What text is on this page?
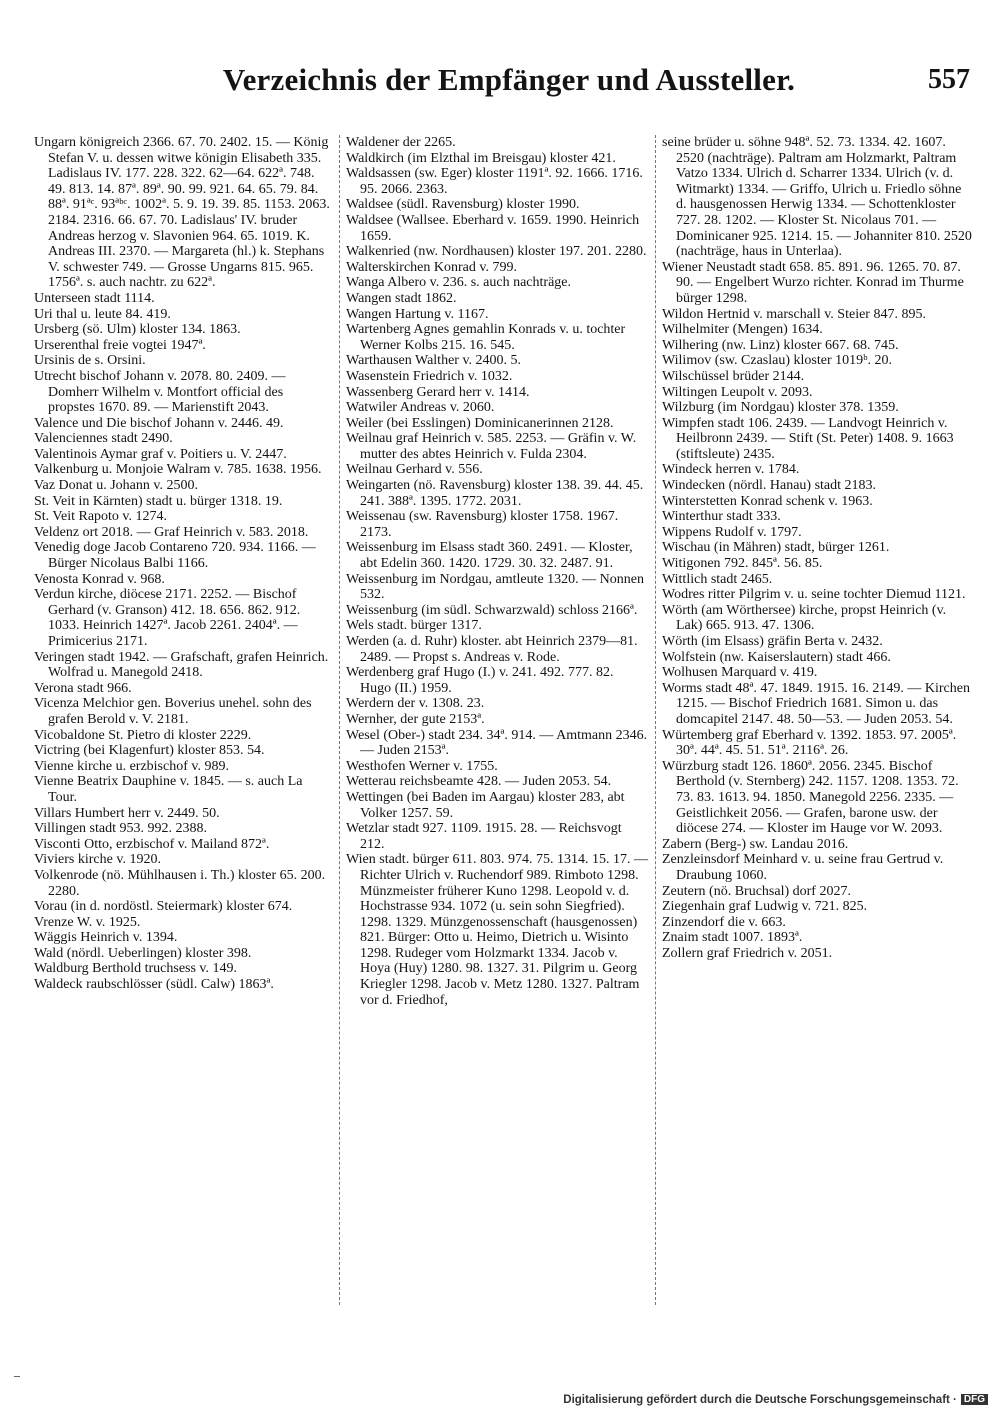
Verzeichnis der Empfänger und Aussteller.	557

Ungarn königreich 2366. 67. 70. 2402. 15. — König Stefan V. u. dessen witwe königin Elisabeth 335. Ladislaus IV. 177. 228. 322. 62—64. 622ª. 748. 49. 813. 14. 87ª. 89ª. 90. 99. 921. 64. 65. 79. 84. 88ª. 91ªᶜ. 93ªᵇᶜ. 1002ª. 5. 9. 19. 39. 85. 1153. 2063. 2184. 2316. 66. 67. 70. Ladislaus' IV. bruder Andreas herzog v. Slavonien 964. 65. 1019. K. Andreas III. 2370. — Margareta (hl.) k. Stephans V. schwester 749. — Grosse Ungarns 815. 965. 1756ª. s. auch nachtr. zu 622ª.

Unterseen stadt 1114.

Uri thal u. leute 84. 419.

Ursberg (sö. Ulm) kloster 134. 1863.

Urserenthal freie vogtei 1947ª.

Ursinis de s. Orsini.

Utrecht bischof Johann v. 2078. 80. 2409. — Domherr Wilhelm v. Montfort official des propstes 1670. 89. — Marienstift 2043.

Valence und Die bischof Johann v. 2446. 49.

Valenciennes stadt 2490.

Valentinois Aymar graf v. Poitiers u. V. 2447.

Valkenburg u. Monjoie Walram v. 785. 1638. 1956.

Vaz Donat u. Johann v. 2500.

St. Veit in Kärnten) stadt u. bürger 1318. 19.

St. Veit Rapoto v. 1274.

Veldenz ort 2018. — Graf Heinrich v. 583. 2018.

Venedig doge Jacob Contareno 720. 934. 1166. — Bürger Nicolaus Balbi 1166.

Venosta Konrad v. 968.

Verdun kirche, diöcese 2171. 2252. — Bischof Gerhard (v. Granson) 412. 18. 656. 862. 912. 1033. Heinrich 1427ª. Jacob 2261. 2404ª. — Primicerius 2171.

Veringen stadt 1942. — Grafschaft, grafen Heinrich. Wolfrad u. Manegold 2418.

Verona stadt 966.

Vicenza Melchior gen. Boverius unehel. sohn des grafen Berold v. V. 2181.

Vicobaldone St. Pietro di kloster 2229.

Victring (bei Klagenfurt) kloster 853. 54.

Vienne kirche u. erzbischof v. 989.

Vienne Beatrix Dauphine v. 1845. — s. auch La Tour.

Villars Humbert herr v. 2449. 50.

Villingen stadt 953. 992. 2388.

Visconti Otto, erzbischof v. Mailand 872ª.

Viviers kirche v. 1920.

Volkenrode (nö. Mühlhausen i. Th.) kloster 65. 200. 2280.

Vorau (in d. nordöstl. Steiermark) kloster 674.

Vrenze W. v. 1925.

Wäggis Heinrich v. 1394.

Wald (nördl. Ueberlingen) kloster 398.

Waldburg Berthold truchsess v. 149.

Waldeck raubschlösser (südl. Calw) 1863ª.

Waldener der 2265.

Waldkirch (im Elzthal im Breisgau) kloster 421.

Waldsassen (sw. Eger) kloster 1191ª. 92. 1666. 1716. 95. 2066. 2363.

Waldsee (südl. Ravensburg) kloster 1990.

Waldsee (Wallsee. Eberhard v. 1659. 1990. Heinrich 1659.

Walkenried (nw. Nordhausen) kloster 197. 201. 2280.

Walterskirchen Konrad v. 799.

Wanga Albero v. 236. s. auch nachträge.

Wangen stadt 1862.

Wangen Hartung v. 1167.

Wartenberg Agnes gemahlin Konrads v. u. tochter Werner Kolbs 215. 16. 545.

Warthausen Walther v. 2400. 5.

Wasenstein Friedrich v. 1032.

Wassenberg Gerard herr v. 1414.

Watwiler Andreas v. 2060.

Weiler (bei Esslingen) Dominicanerinnen 2128.

Weilnau graf Heinrich v. 585. 2253. — Gräfin v. W. mutter des abtes Heinrich v. Fulda 2304.

Weilnau Gerhard v. 556.

Weingarten (nö. Ravensburg) kloster 138. 39. 44. 45. 241. 388ª. 1395. 1772. 2031.

Weissenau (sw. Ravensburg) kloster 1758. 1967. 2173.

Weissenburg im Elsass stadt 360. 2491. — Kloster, abt Edelin 360. 1420. 1729. 30. 32. 2487. 91.

Weissenburg im Nordgau, amtleute 1320. — Nonnen 532.

Weissenburg (im südl. Schwarzwald) schloss 2166ª.

Wels stadt. bürger 1317.

Werden (a. d. Ruhr) kloster. abt Heinrich 2379—81. 2489. — Propst s. Andreas v. Rode.

Werdenberg graf Hugo (I.) v. 241. 492. 777. 82. Hugo (II.) 1959.

Werdern der v. 1308. 23.

Wernher, der gute 2153ª.

Wesel (Ober-) stadt 234. 34ª. 914. — Amtmann 2346. — Juden 2153ª.

Westhofen Werner v. 1755.

Wetterau reichsbeamte 428. — Juden 2053. 54.

Wettingen (bei Baden im Aargau) kloster 283, abt Volker 1257. 59.

Wetzlar stadt 927. 1109. 1915. 28. — Reichsvogt 212.

Wien stadt. bürger 611. 803. 974. 75. 1314. 15. 17. — Richter Ulrich v. Ruchendorf 989. Rimboto 1298. Münzmeister früherer Kuno 1298. Leopold v. d. Hochstrasse 934. 1072 (u. sein sohn Siegfried). 1298. 1329. Münzgenossenschaft (hausgenossen) 821. Bürger: Otto u. Heimo, Dietrich u. Wisinto 1298. Rudeger vom Holzmarkt 1334. Jacob v. Hoya (Huy) 1280. 98. 1327. 31. Pilgrim u. Georg Kriegler 1298. Jacob v. Metz 1280. 1327. Paltram vor d. Friedhof,

seine brüder u. söhne 948ª. 52. 73. 1334. 42. 1607. 2520 (nachträge). Paltram am Holzmarkt, Paltram Vatzo 1334. Ulrich d. Scharrer 1334. Ulrich (v. d. Witmarkt) 1334. — Griffo, Ulrich u. Friedlo söhne d. hausgenossen Herwig 1334. — Schottenkloster 727. 28. 1202. — Kloster St. Nicolaus 701. — Dominicaner 925. 1214. 15. — Johanniter 810. 2520 (nachträge, haus in Unterlaa).

Wiener Neustadt stadt 658. 85. 891. 96. 1265. 70. 87. 90. — Engelbert Wurzo richter. Konrad im Thurme bürger 1298.

Wildon Hertnid v. marschall v. Steier 847. 895.

Wilhelmiter (Mengen) 1634.

Wilhering (nw. Linz) kloster 667. 68. 745.

Wilimov (sw. Czaslau) kloster 1019ᵇ. 20.

Wilschüssel brüder 2144.

Wiltingen Leupolt v. 2093.

Wilzburg (im Nordgau) kloster 378. 1359.

Wimpfen stadt 106. 2439. — Landvogt Heinrich v. Heilbronn 2439. — Stift (St. Peter) 1408. 9. 1663 (stiftsleute) 2435.

Windeck herren v. 1784.

Windecken (nördl. Hanau) stadt 2183.

Winterstetten Konrad schenk v. 1963.

Winterthur stadt 333.

Wippens Rudolf v. 1797.

Wischau (in Mähren) stadt, bürger 1261.

Witigonen 792. 845ª. 56. 85.

Wittlich stadt 2465.

Wodres ritter Pilgrim v. u. seine tochter Diemud 1121.

Wörth (am Wörthersee) kirche, propst Heinrich (v. Lak) 665. 913. 47. 1306.

Wörth (im Elsass) gräfin Berta v. 2432.

Wolfstein (nw. Kaiserslautern) stadt 466.

Wolhusen Marquard v. 419.

Worms stadt 48ª. 47. 1849. 1915. 16. 2149. — Kirchen 1215. — Bischof Friedrich 1681. Simon u. das domcapitel 2147. 48. 50—53. — Juden 2053. 54.

Würtemberg graf Eberhard v. 1392. 1853. 97. 2005ª. 30ª. 44ª. 45. 51. 51ª. 2116ª. 26.

Würzburg stadt 126. 1860ª. 2056. 2345. Bischof Berthold (v. Sternberg) 242. 1157. 1208. 1353. 72. 73. 83. 1613. 94. 1850. Manegold 2256. 2335. — Geistlichkeit 2056. — Grafen, barone usw. der diöcese 274. — Kloster im Hauge vor W. 2093.

Zabern (Berg-) sw. Landau 2016.

Zenzleinsdorf Meinhard v. u. seine frau Gertrud v. Draubung 1060.

Zeutern (nö. Bruchsal) dorf 2027.

Ziegenhain graf Ludwig v. 721. 825.

Zinzendorf die v. 663.

Znaim stadt 1007. 1893ª.

Zollern graf Friedrich v. 2051.

Digitalisierung gefördert durch die Deutsche Forschungsgemeinschaft · DFG
